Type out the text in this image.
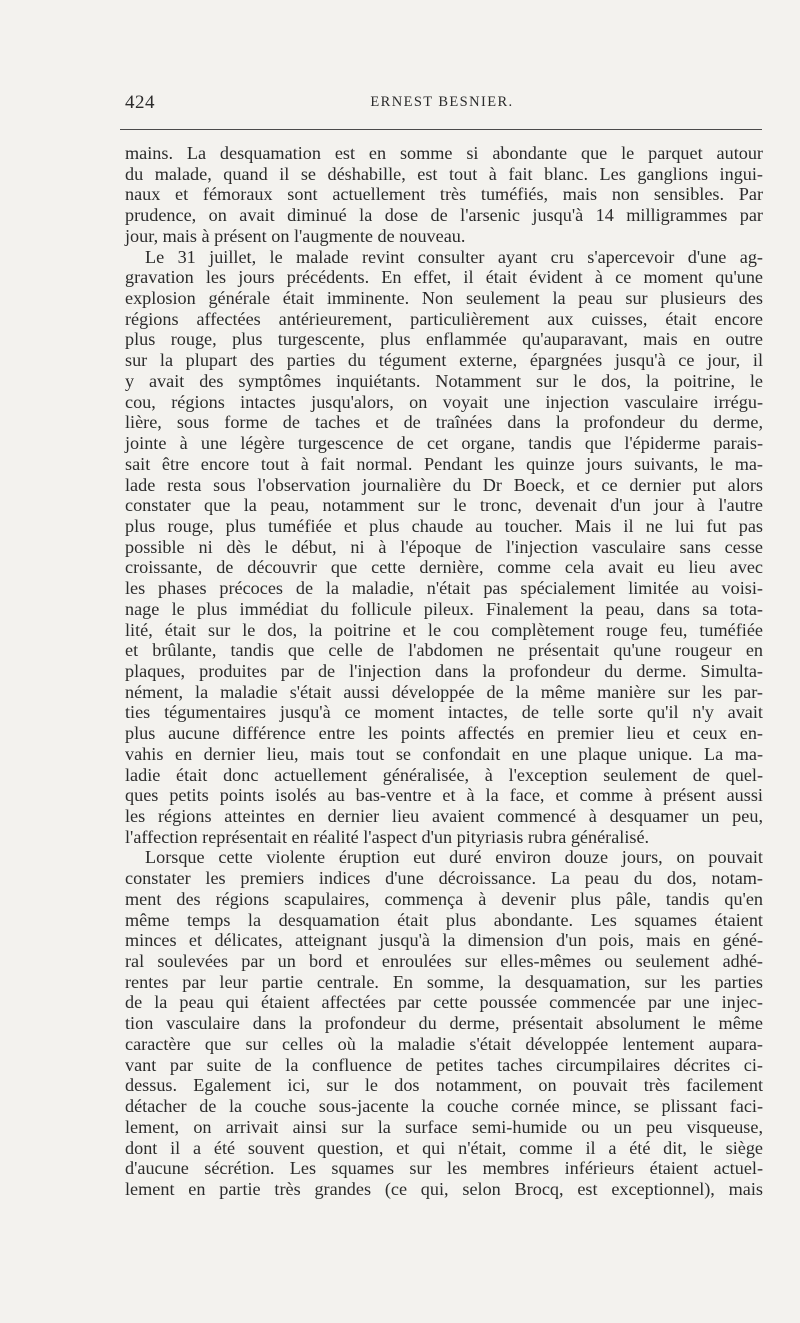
424	ERNEST BESNIER.
mains. La desquamation est en somme si abondante que le parquet autour
du malade, quand il se déshabille, est tout à fait blanc. Les ganglions ingui-
naux et fémoraux sont actuellement très tuméfiés, mais non sensibles. Par
prudence, on avait diminué la dose de l'arsenic jusqu'à 14 milligrammes par
jour, mais à présent on l'augmente de nouveau.
Le 31 juillet, le malade revint consulter ayant cru s'apercevoir d'une ag-
gravation les jours précédents. En effet, il était évident à ce moment qu'une
explosion générale était imminente. Non seulement la peau sur plusieurs des
régions affectées antérieurement, particulièrement aux cuisses, était encore
plus rouge, plus turgescente, plus enflammée qu'auparavant, mais en outre
sur la plupart des parties du tégument externe, épargnées jusqu'à ce jour, il
y avait des symptômes inquiétants. Notamment sur le dos, la poitrine, le
cou, régions intactes jusqu'alors, on voyait une injection vasculaire irrégu-
lière, sous forme de taches et de traînées dans la profondeur du derme,
jointe à une légère turgescence de cet organe, tandis que l'épiderme parais-
sait être encore tout à fait normal. Pendant les quinze jours suivants, le ma-
lade resta sous l'observation journalière du Dr Boeck, et ce dernier put alors
constater que la peau, notamment sur le tronc, devenait d'un jour à l'autre
plus rouge, plus tuméfiée et plus chaude au toucher. Mais il ne lui fut pas
possible ni dès le début, ni à l'époque de l'injection vasculaire sans cesse
croissante, de découvrir que cette dernière, comme cela avait eu lieu avec
les phases précoces de la maladie, n'était pas spécialement limitée au voisi-
nage le plus immédiat du follicule pileux. Finalement la peau, dans sa tota-
lité, était sur le dos, la poitrine et le cou complètement rouge feu, tuméfiée
et brûlante, tandis que celle de l'abdomen ne présentait qu'une rougeur en
plaques, produites par de l'injection dans la profondeur du derme. Simulta-
nément, la maladie s'était aussi développée de la même manière sur les par-
ties tégumentaires jusqu'à ce moment intactes, de telle sorte qu'il n'y avait
plus aucune différence entre les points affectés en premier lieu et ceux en-
vahis en dernier lieu, mais tout se confondait en une plaque unique. La ma-
ladie était donc actuellement généralisée, à l'exception seulement de quel-
ques petits points isolés au bas-ventre et à la face, et comme à présent aussi
les régions atteintes en dernier lieu avaient commencé à desquamer un peu,
l'affection représentait en réalité l'aspect d'un pityriasis rubra généralisé.
Lorsque cette violente éruption eut duré environ douze jours, on pouvait
constater les premiers indices d'une décroissance. La peau du dos, notam-
ment des régions scapulaires, commença à devenir plus pâle, tandis qu'en
même temps la desquamation était plus abondante. Les squames étaient
minces et délicates, atteignant jusqu'à la dimension d'un pois, mais en géné-
ral soulevées par un bord et enroulées sur elles-mêmes ou seulement adhé-
rentes par leur partie centrale. En somme, la desquamation, sur les parties
de la peau qui étaient affectées par cette poussée commencée par une injec-
tion vasculaire dans la profondeur du derme, présentait absolument le même
caractère que sur celles où la maladie s'était développée lentement aupara-
vant par suite de la confluence de petites taches circumpilaires décrites ci-
dessus. Egalement ici, sur le dos notamment, on pouvait très facilement
détacher de la couche sous-jacente la couche cornée mince, se plissant faci-
lement, on arrivait ainsi sur la surface semi-humide ou un peu visqueuse,
dont il a été souvent question, et qui n'était, comme il a été dit, le siège
d'aucune sécrétion. Les squames sur les membres inférieurs étaient actuel-
lement en partie très grandes (ce qui, selon Brocq, est exceptionnel), mais
